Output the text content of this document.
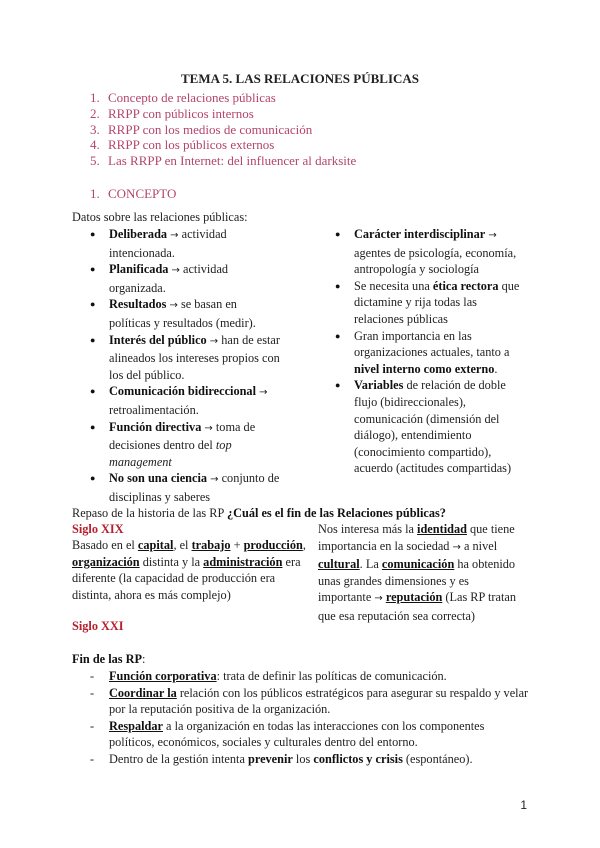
TEMA 5. LAS RELACIONES PÚBLICAS
1. Concepto de relaciones públicas
2. RRPP con públicos internos
3. RRPP con los medios de comunicación
4. RRPP con los públicos externos
5. Las RRPP en Internet: del influencer al darksite
1. CONCEPTO
Datos sobre las relaciones públicas:
● Deliberada → actividad intencionada.
● Planificada → actividad organizada.
● Resultados → se basan en políticas y resultados (medir).
● Interés del público → han de estar alineados los intereses propios con los del público.
● Comunicación bidireccional → retroalimentación.
● Función directiva → toma de decisiones dentro del top management
● No son una ciencia → conjunto de disciplinas y saberes
● Carácter interdisciplinar → agentes de psicología, economía, antropología y sociología
● Se necesita una ética rectora que dictamine y rija todas las relaciones públicas
● Gran importancia en las organizaciones actuales, tanto a nivel interno como externo.
● Variables de relación de doble flujo (bidireccionales), comunicación (dimensión del diálogo), entendimiento (conocimiento compartido), acuerdo (actitudes compartidas)
Repaso de la historia de las RP ¿Cuál es el fin de las Relaciones públicas?
Siglo XIX
Basado en el capital, el trabajo + producción, organización distinta y la administración era diferente (la capacidad de producción era distinta, ahora es más complejo)
Siglo XXI
Nos interesa más la identidad que tiene importancia en la sociedad → a nivel cultural. La comunicación ha obtenido unas grandes dimensiones y es importante → reputación (Las RP tratan que esa reputación sea correcta)
Fin de las RP:
- Función corporativa: trata de definir las políticas de comunicación.
- Coordinar la relación con los públicos estratégicos para asegurar su respaldo y velar por la reputación positiva de la organización.
- Respaldar a la organización en todas las interacciones con los componentes políticos, económicos, sociales y culturales dentro del entorno.
- Dentro de la gestión intenta prevenir los conflictos y crisis (espontáneo).
1
